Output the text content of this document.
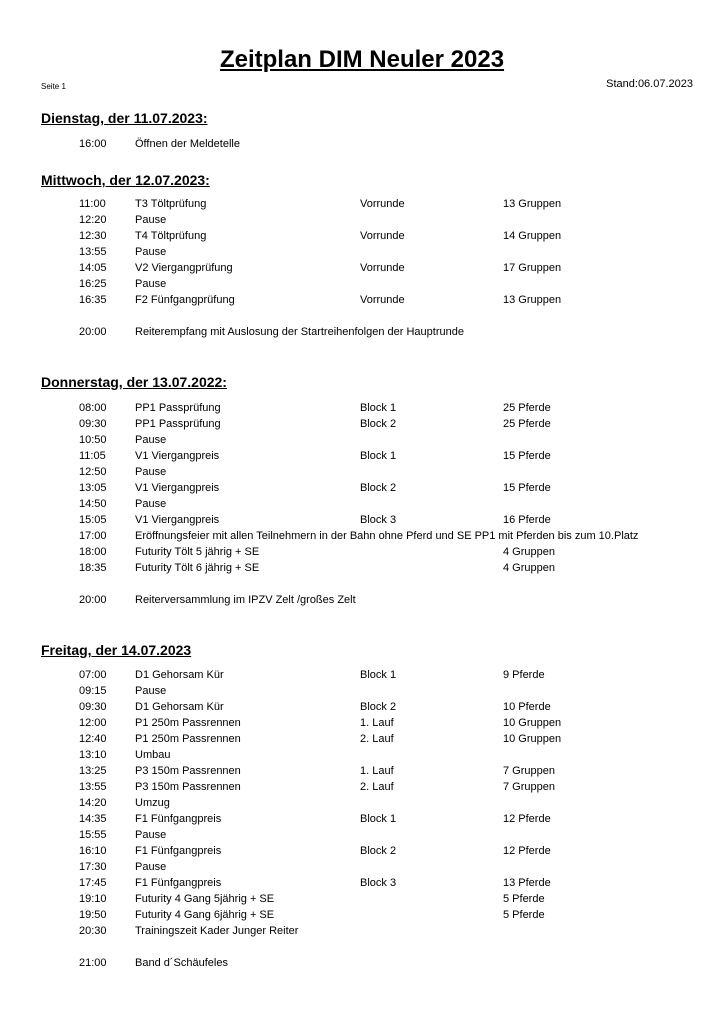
Zeitplan DIM Neuler 2023
Seite 1	Stand:06.07.2023
Dienstag, der 11.07.2023:
16:00	Öffnen der Meldetelle
Mittwoch, der 12.07.2023:
11:00	T3 Töltprüfung	Vorrunde	13 Gruppen
12:20	Pause
12:30	T4 Töltprüfung	Vorrunde	14 Gruppen
13:55	Pause
14:05	V2 Viergangprüfung	Vorrunde	17 Gruppen
16:25	Pause
16:35	F2 Fünfgangprüfung	Vorrunde	13 Gruppen
20:00	Reiterempfang mit Auslosung der Startreihenfolgen der Hauptrunde
Donnerstag, der 13.07.2022:
08:00	PP1 Passprüfung	Block 1	25 Pferde
09:30	PP1 Passprüfung	Block 2	25 Pferde
10:50	Pause
11:05	V1 Viergangpreis	Block 1	15 Pferde
12:50	Pause
13:05	V1 Viergangpreis	Block 2	15 Pferde
14:50	Pause
15:05	V1 Viergangpreis	Block 3	16 Pferde
17:00	Eröffnungsfeier mit allen Teilnehmern in der Bahn ohne Pferd und SE PP1 mit Pferden bis zum 10.Platz
18:00	Futurity Tölt 5 jährig + SE	4 Gruppen
18:35	Futurity Tölt 6 jährig + SE	4 Gruppen
20:00	Reiterversammlung im IPZV Zelt /großes Zelt
Freitag, der 14.07.2023
07:00	D1 Gehorsam Kür	Block 1	9 Pferde
09:15	Pause
09:30	D1 Gehorsam Kür	Block 2	10 Pferde
12:00	P1 250m Passrennen	1. Lauf	10 Gruppen
12:40	P1 250m Passrennen	2. Lauf	10 Gruppen
13:10	Umbau
13:25	P3 150m Passrennen	1. Lauf	7 Gruppen
13:55	P3 150m Passrennen	2. Lauf	7 Gruppen
14:20	Umzug
14:35	F1 Fünfgangpreis	Block 1	12 Pferde
15:55	Pause
16:10	F1 Fünfgangpreis	Block 2	12 Pferde
17:30	Pause
17:45	F1 Fünfgangpreis	Block 3	13 Pferde
19:10	Futurity 4 Gang 5jährig + SE	5 Pferde
19:50	Futurity 4 Gang 6jährig + SE	5 Pferde
20:30	Trainingszeit Kader Junger Reiter
21:00	Band d´Schäufeles
